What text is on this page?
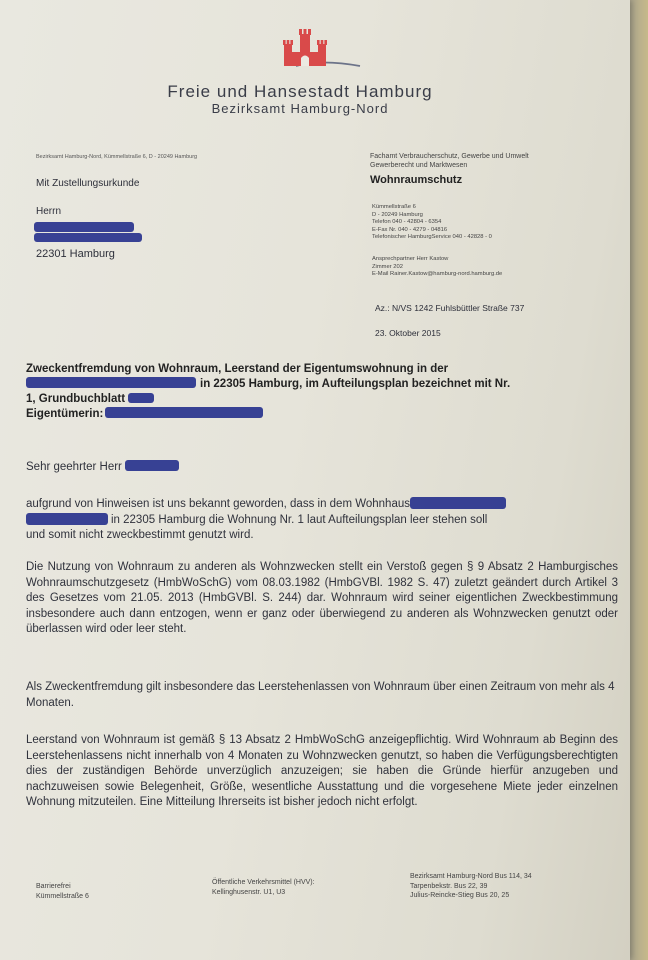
Freie und Hansestadt Hamburg
Bezirksamt Hamburg-Nord
Bezirksamt Hamburg-Nord, Kümmellstraße 6, D - 20249 Hamburg
Mit Zustellungsurkunde
Herrn
22301 Hamburg
Fachamt Verbraucherschutz, Gewerbe und Umwelt
Gewerberecht und Marktwesen
Wohnraumschutz
Kümmellstraße 6
D - 20249 Hamburg
Telefon 040 - 42804 - 6354
E-Fax Nr. 040 - 4279 - 04816
Telefonischer HamburgService 040 - 42828 - 0
Ansprechpartner Herr Kastow
Zimmer 202
E-Mail Rainer.Kastow@hamburg-nord.hamburg.de
Az.: N/VS 1242 Fuhlsbüttler Straße 737
23. Oktober 2015
Zweckentfremdung von Wohnraum, Leerstand der Eigentumswohnung in der
in 22305 Hamburg, im Aufteilungsplan bezeichnet mit Nr.
1, Grundbuchblatt
Eigentümerin:
Sehr geehrter Herr
aufgrund von Hinweisen ist uns bekannt geworden, dass in dem Wohnhaus
in 22305 Hamburg die Wohnung Nr. 1 laut Aufteilungsplan leer stehen soll
und somit nicht zweckbestimmt genutzt wird.
Die Nutzung von Wohnraum zu anderen als Wohnzwecken stellt ein Verstoß gegen § 9 Absatz 2 Hamburgisches Wohnraumschutzgesetz (HmbWoSchG) vom 08.03.1982 (HmbGVBl. 1982 S. 47) zuletzt geändert durch Artikel 3 des Gesetzes vom 21.05. 2013 (HmbGVBl. S. 244) dar. Wohnraum wird seiner eigentlichen Zweckbestimmung insbesondere auch dann entzogen, wenn er ganz oder überwiegend zu anderen als Wohnzwecken genutzt oder überlassen wird oder leer steht.
Als Zweckentfremdung gilt insbesondere das Leerstehenlassen von Wohnraum über einen Zeitraum von mehr als 4 Monaten.
Leerstand von Wohnraum ist gemäß § 13 Absatz 2 HmbWoSchG anzeigepflichtig. Wird Wohnraum ab Beginn des Leerstehenlassens nicht innerhalb von 4 Monaten zu Wohnzwecken genutzt, so haben die Verfügungsberechtigten dies der zuständigen Behörde unverzüglich anzuzeigen; sie haben die Gründe hierfür anzugeben und nachzuweisen sowie Belegenheit, Größe, wesentliche Ausstattung und die vorgesehene Miete jeder einzelnen Wohnung mitzuteilen. Eine Mitteilung Ihrerseits ist bisher jedoch nicht erfolgt.
Barrierefrei
Kümmellstraße 6
Öffentliche Verkehrsmittel (HVV):
Kellinghusenstr. U1, U3
Bezirksamt Hamburg-Nord Bus 114, 34
Tarpenbekstr. Bus 22, 39
Julius-Reincke-Stieg Bus 20, 25
